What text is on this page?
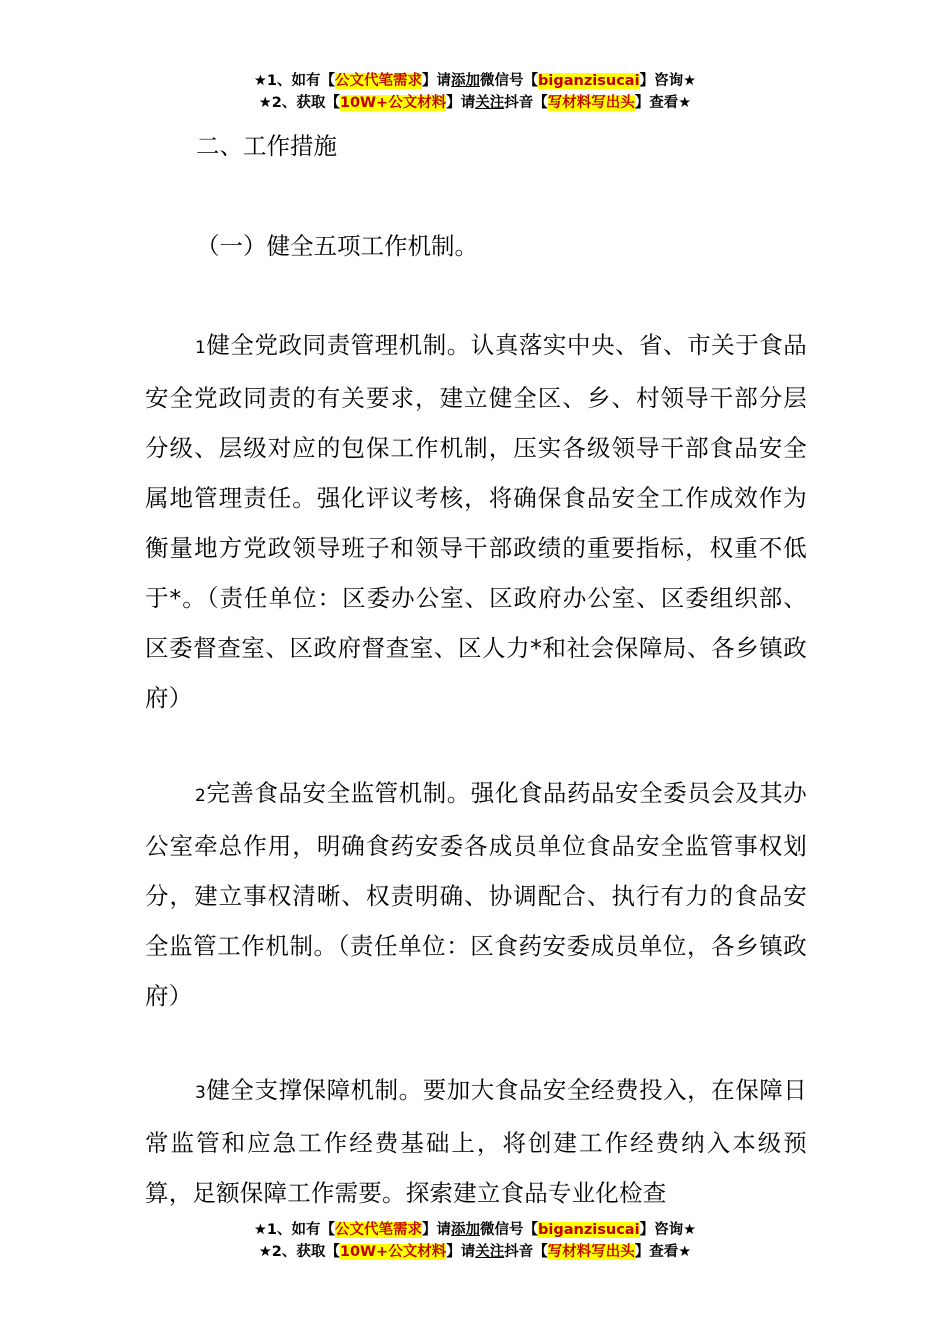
★1、如有【公文代笔需求】请添加微信号【biganzisucai】咨询★
★2、获取【10W+公文材料】请关注抖音【写材料写出头】查看★
二、工作措施
（一）健全五项工作机制。

1健全党政同责管理机制。认真落实中央、省、市关于食品安全党政同责的有关要求，建立健全区、乡、村领导干部分层分级、层级对应的包保工作机制，压实各级领导干部食品安全属地管理责任。强化评议考核，将确保食品安全工作成效作为衡量地方党政领导班子和领导干部政绩的重要指标，权重不低于*。（责任单位：区委办公室、区政府办公室、区委组织部、区委督查室、区政府督查室、区人力*和社会保障局、各乡镇政府）

2完善食品安全监管机制。强化食品药品安全委员会及其办公室牵总作用，明确食药安委各成员单位食品安全监管事权划分，建立事权清晰、权责明确、协调配合、执行有力的食品安全监管工作机制。（责任单位：区食药安委成员单位，各乡镇政府）

3健全支撑保障机制。要加大食品安全经费投入，在保障日常监管和应急工作经费基础上，将创建工作经费纳入本级预算，足额保障工作需要。探索建立食品专业化检查

★1、如有【公文代笔需求】请添加微信号【biganzisucai】咨询★
★2、获取【10W+公文材料】请关注抖音【写材料写出头】查看★
